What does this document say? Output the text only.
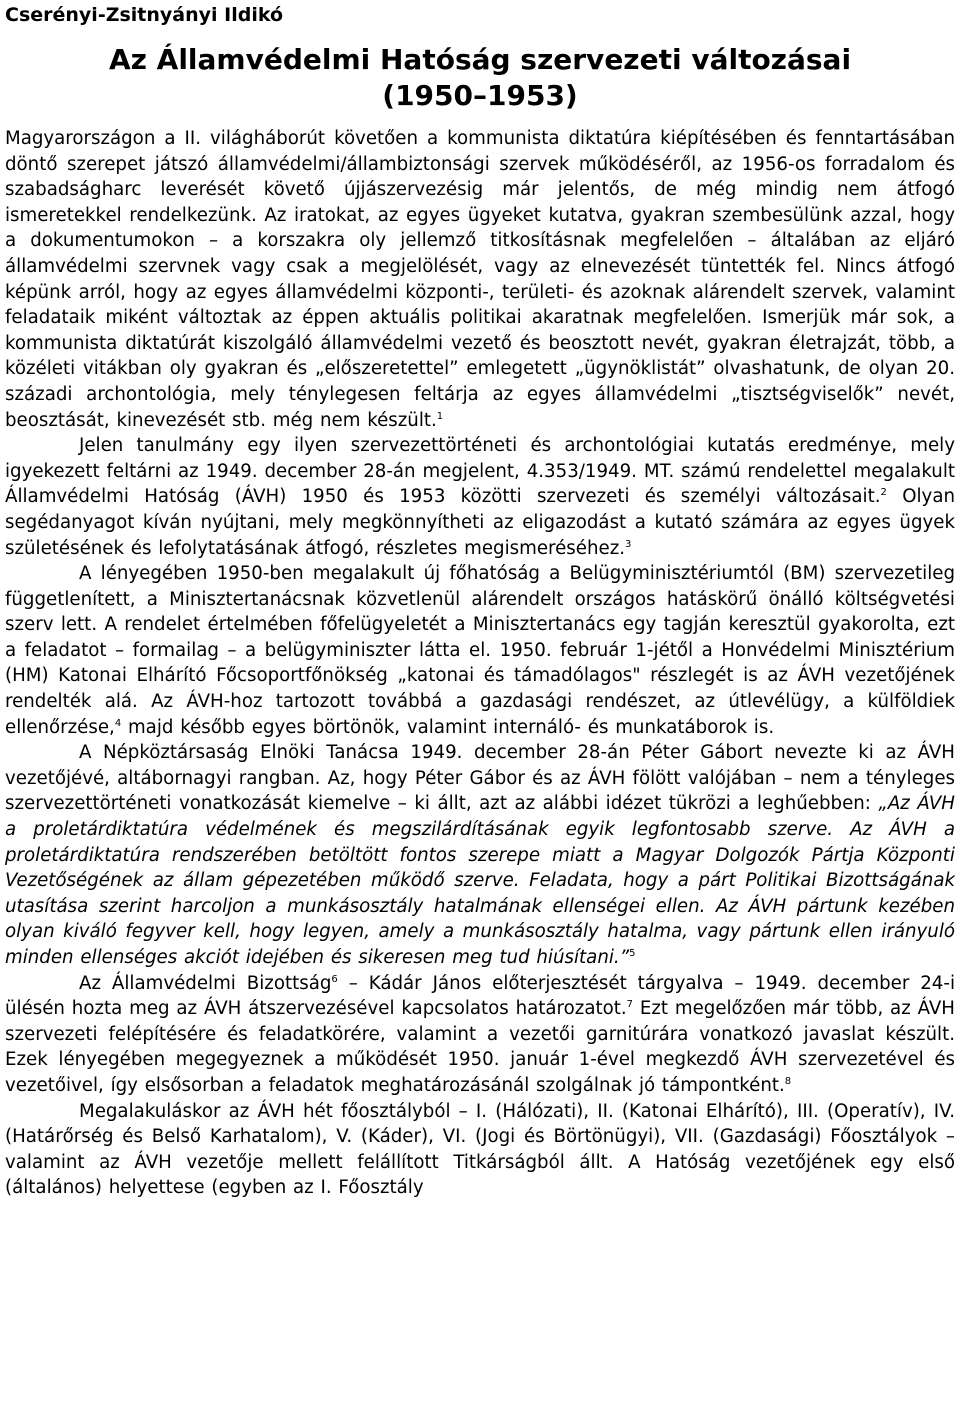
Cserényi-Zsitnyányi Ildikó

Az Államvédelmi Hatóság szervezeti változásai
(1950–1953)

Magyarországon a II. világháborút követően a kommunista diktatúra kiépítésében és fenntartásában döntő szerepet játszó államvédelmi/állambiztonsági szervek működéséről, az 1956-os forradalom és szabadságharc leverését követő újjászervezésig már jelentős, de még mindig nem átfogó ismeretekkel rendelkezünk. Az iratokat, az egyes ügyeket kutatva, gyakran szembesülünk azzal, hogy a dokumentumokon – a korszakra oly jellemző titkosításnak megfelelően – általában az eljáró államvédelmi szervnek vagy csak a megjelölését, vagy az elnevezését tüntették fel. Nincs átfogó képünk arról, hogy az egyes államvédelmi központi-, területi- és azoknak alárendelt szervek, valamint feladataik miként változtak az éppen aktuális politikai akaratnak megfelelően. Ismerjük már sok, a kommunista diktatúrát kiszolgáló államvédelmi vezető és beosztott nevét, gyakran életrajzát, több, a közéleti vitákban oly gyakran és „előszeretettel” emlegetett „ügynöklistát” olvashatunk, de olyan 20. századi archontológia, mely ténylegesen feltárja az egyes államvédelmi „tisztségviselők” nevét, beosztását, kinevezését stb. még nem készült.$^1$

Jelen tanulmány egy ilyen szervezettörténeti és archontológiai kutatás eredménye, mely igyekezett feltárni az 1949. december 28-án megjelent, 4.353/1949. MT. számú rendelettel megalakult Államvédelmi Hatóság (ÁVH) 1950 és 1953 közötti szervezeti és személyi változásait.$^2$ Olyan segédanyagot kíván nyújtani, mely megkönnyítheti az eligazodást a kutató számára az egyes ügyek születésének és lefolytatásának átfogó, részletes megismeréséhez.$^3$

A lényegében 1950-ben megalakult új főhatóság a Belügyminisztériumtól (BM) szervezetileg függetlenített, a Minisztertanácsnak közvetlenül alárendelt országos hatáskörű önálló költségvetési szerv lett. A rendelet értelmében főfelügyeletét a Minisztertanács egy tagján keresztül gyakorolta, ezt a feladatot – formailag – a belügyminiszter látta el. 1950. február 1-jétől a Honvédelmi Minisztérium (HM) Katonai Elhárító Főcsoportfőnökség „katonai és támadólagos" részlegét is az ÁVH vezetőjének rendelték alá. Az ÁVH-hoz tartozott továbbá a gazdasági rendészet, az útlevélügy, a külföldiek ellenőrzése,$^4$ majd később egyes börtönök, valamint internáló- és munkatáborok is.

A Népköztársaság Elnöki Tanácsa 1949. december 28-án Péter Gábort nevezte ki az ÁVH vezetőjévé, altábornagyi rangban. Az, hogy Péter Gábor és az ÁVH fölött valójában – nem a tényleges szervezettörténeti vonatkozását kiemelve – ki állt, azt az alábbi idézet tükrözi a leghűebben: „Az ÁVH a proletárdiktatúra védelmének és megszilárdításának egyik legfontosabb szerve. Az ÁVH a proletárdiktatúra rendszerében betöltött fontos szerepe miatt a Magyar Dolgozók Pártja Központi Vezetőségének az állam gépezetében működő szerve. Feladata, hogy a párt Politikai Bizottságának utasítása szerint harcoljon a munkásosztály hatalmának ellenségei ellen. Az ÁVH pártunk kezében olyan kiváló fegyver kell, hogy legyen, amely a munkásosztály hatalma, vagy pártunk ellen irányuló minden ellenséges akciót idejében és sikeresen meg tud hiúsítani.”$^5$

Az Államvédelmi Bizottság$^6$ – Kádár János előterjesztését tárgyalva – 1949. december 24-i ülésén hozta meg az ÁVH átszervezésével kapcsolatos határozatot.$^7$ Ezt megelőzően már több, az ÁVH szervezeti felépítésére és feladatkörére, valamint a vezetői garnitúrára vonatkozó javaslat készült. Ezek lényegében megegyeznek a működését 1950. január 1-ével megkezdő ÁVH szervezetével és vezetőivel, így elsősorban a feladatok meghatározásánál szolgálnak jó támpontként.$^8$

Megalakuláskor az ÁVH hét főosztályból – I. (Hálózati), II. (Katonai Elhárító), III. (Operatív), IV. (Határőrség és Belső Karhatalom), V. (Káder), VI. (Jogi és Börtönügyi), VII. (Gazdasági) Főosztályok – valamint az ÁVH vezetője mellett felállított Titkárságból állt. A Hatóság vezetőjének egy első (általános) helyettese (egyben az I. Főosztály
